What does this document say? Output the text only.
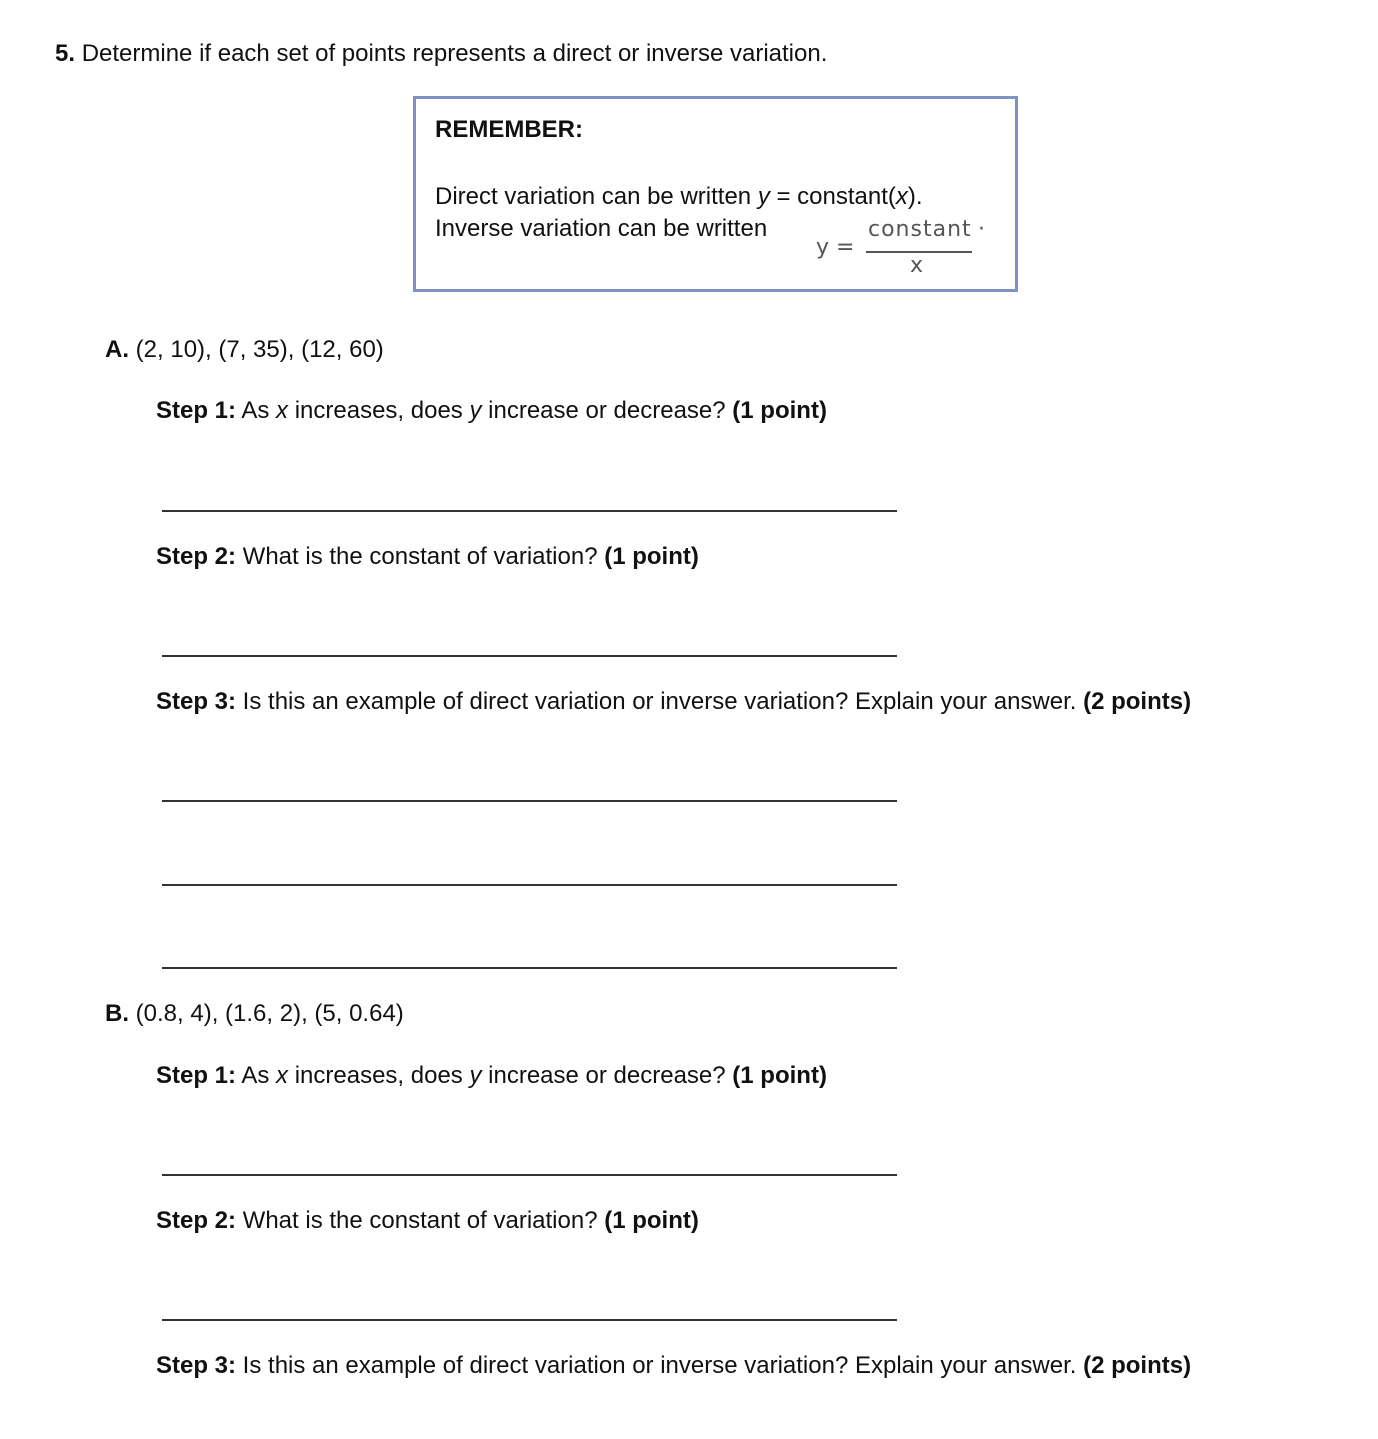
5. Determine if each set of points represents a direct or inverse variation.
REMEMBER:
Direct variation can be written y = constant(x).
Inverse variation can be written
y =
constant
x
·
A. (2, 10), (7, 35), (12, 60)
Step 1: As x increases, does y increase or decrease? (1 point)
Step 2: What is the constant of variation? (1 point)
Step 3: Is this an example of direct variation or inverse variation? Explain your answer. (2 points)
B. (0.8, 4), (1.6, 2), (5, 0.64)
Step 1: As x increases, does y increase or decrease? (1 point)
Step 2: What is the constant of variation? (1 point)
Step 3: Is this an example of direct variation or inverse variation? Explain your answer. (2 points)
